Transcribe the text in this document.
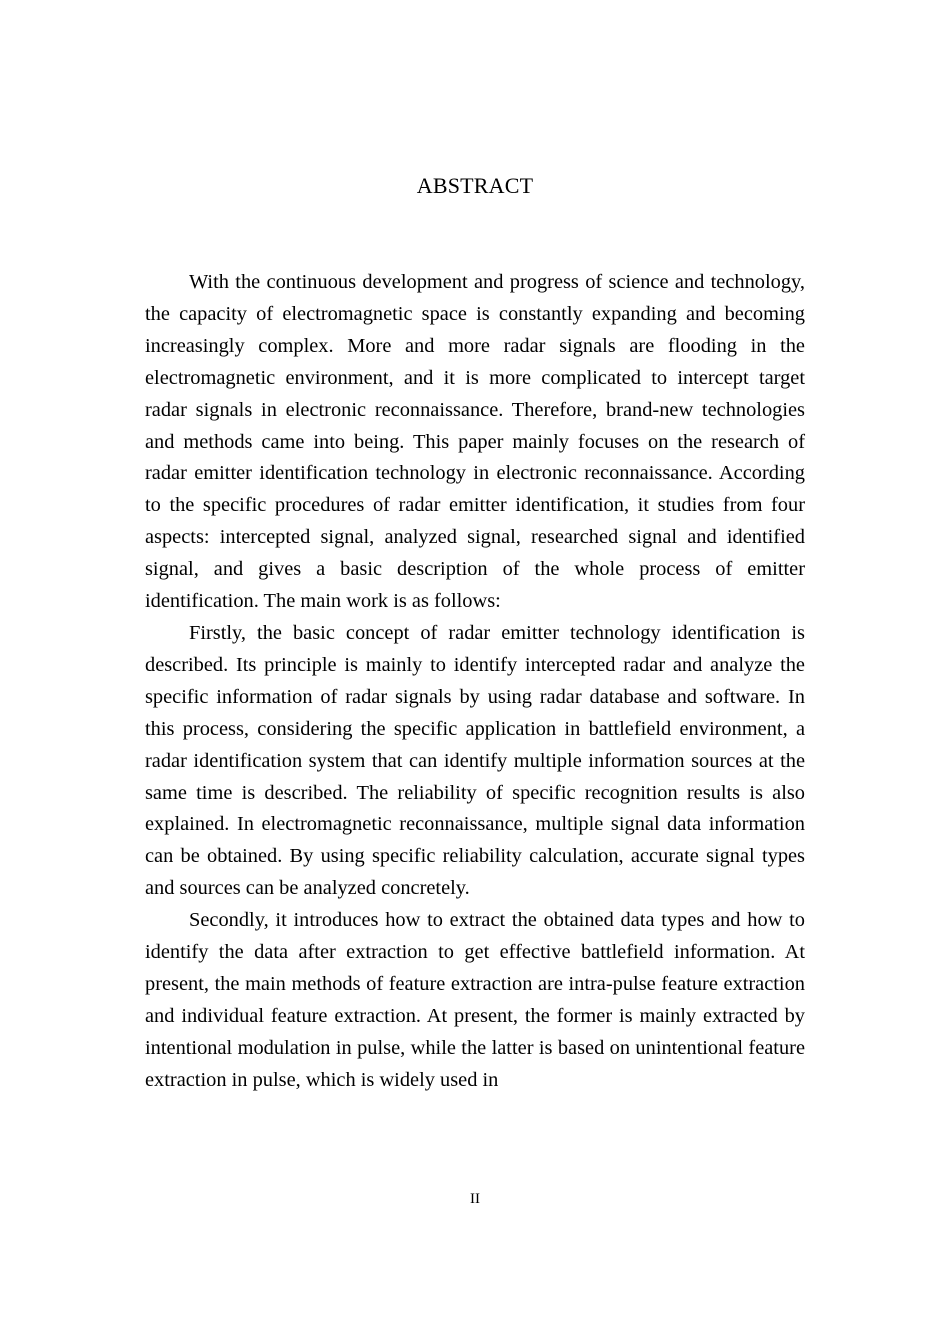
ABSTRACT

With the continuous development and progress of science and technology, the capacity of electromagnetic space is constantly expanding and becoming increasingly complex. More and more radar signals are flooding in the electromagnetic environment, and it is more complicated to intercept target radar signals in electronic reconnaissance. Therefore, brand-new technologies and methods came into being. This paper mainly focuses on the research of radar emitter identification technology in electronic reconnaissance. According to the specific procedures of radar emitter identification, it studies from four aspects: intercepted signal, analyzed signal, researched signal and identified signal, and gives a basic description of the whole process of emitter identification. The main work is as follows:

Firstly, the basic concept of radar emitter technology identification is described. Its principle is mainly to identify intercepted radar and analyze the specific information of radar signals by using radar database and software. In this process, considering the specific application in battlefield environment, a radar identification system that can identify multiple information sources at the same time is described. The reliability of specific recognition results is also explained. In electromagnetic reconnaissance, multiple signal data information can be obtained. By using specific reliability calculation, accurate signal types and sources can be analyzed concretely.

Secondly, it introduces how to extract the obtained data types and how to identify the data after extraction to get effective battlefield information. At present, the main methods of feature extraction are intra-pulse feature extraction and individual feature extraction. At present, the former is mainly extracted by intentional modulation in pulse, while the latter is based on unintentional feature extraction in pulse, which is widely used in

II
